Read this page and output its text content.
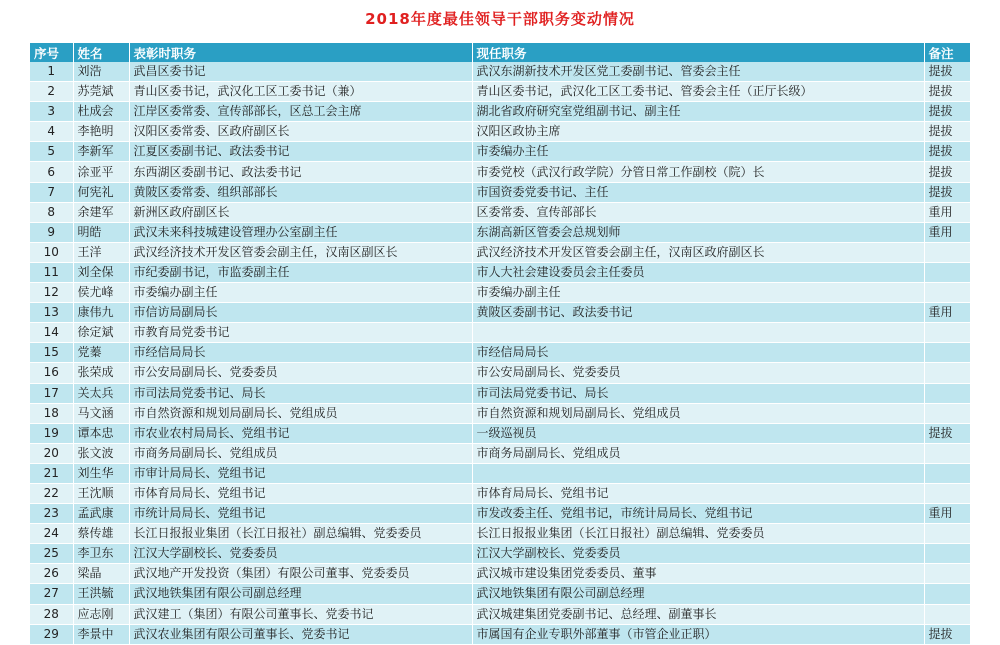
2018年度最佳领导干部职务变动情况
序号	姓名	表彰时职务	现任职务	备注
1	刘浩	武昌区委书记	武汉东湖新技术开发区党工委副书记、管委会主任	提拔
2	苏莞斌	青山区委书记，武汉化工区工委书记（兼）	青山区委书记，武汉化工区工委书记、管委会主任（正厅长级）	提拔
3	杜成会	江岸区委常委、宣传部部长，区总工会主席	湖北省政府研究室党组副书记、副主任	提拔
4	李艳明	汉阳区委常委、区政府副区长	汉阳区政协主席	提拔
5	李新军	江夏区委副书记、政法委书记	市委编办主任	提拔
6	涂亚平	东西湖区委副书记、政法委书记	市委党校（武汉行政学院）分管日常工作副校（院）长	提拔
7	何宪礼	黄陂区委常委、组织部部长	市国资委党委书记、主任	提拔
8	余建军	新洲区政府副区长	区委常委、宣传部部长	重用
9	明皓	武汉未来科技城建设管理办公室副主任	东湖高新区管委会总规划师	重用
10	王洋	武汉经济技术开发区管委会副主任，汉南区副区长	武汉经济技术开发区管委会副主任，汉南区政府副区长	
11	刘全保	市纪委副书记，市监委副主任	市人大社会建设委员会主任委员	
12	侯尤峰	市委编办副主任	市委编办副主任	
13	康伟九	市信访局副局长	黄陂区委副书记、政法委书记	重用
14	徐定斌	市教育局党委书记		
15	党蓁	市经信局局长	市经信局局长	
16	张荣成	市公安局副局长、党委委员	市公安局副局长、党委委员	
17	关太兵	市司法局党委书记、局长	市司法局党委书记、局长	
18	马文涵	市自然资源和规划局副局长、党组成员	市自然资源和规划局副局长、党组成员	
19	谭本忠	市农业农村局局长、党组书记	一级巡视员	提拔
20	张文波	市商务局副局长、党组成员	市商务局副局长、党组成员	
21	刘生华	市审计局局长、党组书记		
22	王沈顺	市体育局局长、党组书记	市体育局局长、党组书记	
23	孟武康	市统计局局长、党组书记	市发改委主任、党组书记，市统计局局长、党组书记	重用
24	蔡传雄	长江日报报业集团（长江日报社）副总编辑、党委委员	长江日报报业集团（长江日报社）副总编辑、党委委员	
25	李卫东	江汉大学副校长、党委委员	江汉大学副校长、党委委员	
26	梁晶	武汉地产开发投资（集团）有限公司董事、党委委员	武汉城市建设集团党委委员、董事	
27	王洪毓	武汉地铁集团有限公司副总经理	武汉地铁集团有限公司副总经理	
28	应志刚	武汉建工（集团）有限公司董事长、党委书记	武汉城建集团党委副书记、总经理、副董事长	
29	李景中	武汉农业集团有限公司董事长、党委书记	市属国有企业专职外部董事（市管企业正职）	提拔
